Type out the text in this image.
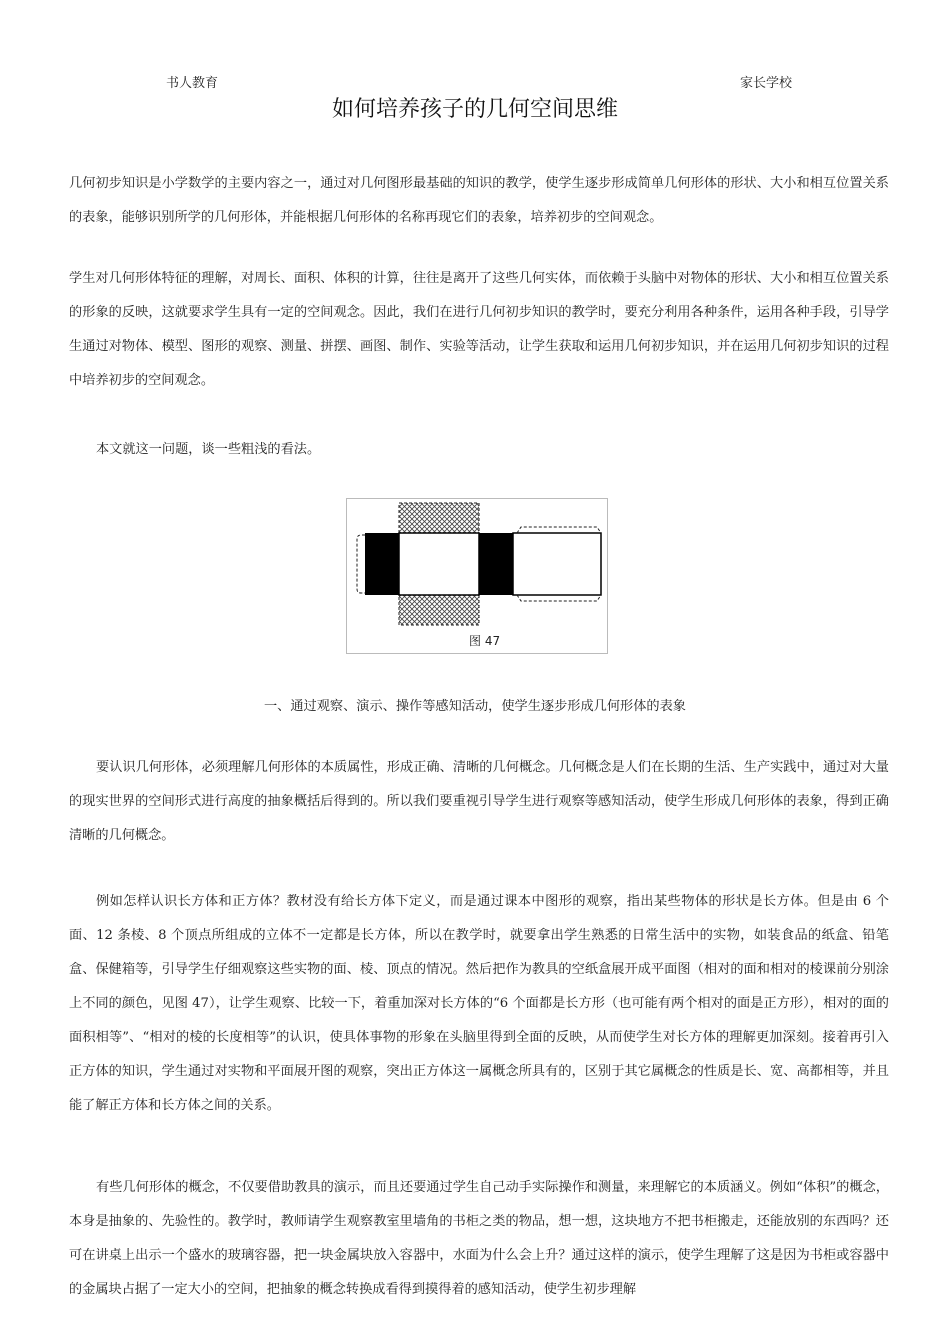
书人教育	家长学校
如何培养孩子的几何空间思维

几何初步知识是小学数学的主要内容之一，通过对几何图形最基础的知识的教学，使学生逐步形成简单几何形体的形状、大小和相互位置关系的表象，能够识别所学的几何形体，并能根据几何形体的名称再现它们的表象，培养初步的空间观念。

学生对几何形体特征的理解，对周长、面积、体积的计算，往往是离开了这些几何实体，而依赖于头脑中对物体的形状、大小和相互位置关系的形象的反映，这就要求学生具有一定的空间观念。因此，我们在进行几何初步知识的教学时，要充分利用各种条件，运用各种手段，引导学生通过对物体、模型、图形的观察、测量、拼摆、画图、制作、实验等活动，让学生获取和运用几何初步知识，并在运用几何初步知识的过程中培养初步的空间观念。

本文就这一问题，谈一些粗浅的看法。

图 47
一、通过观察、演示、操作等感知活动，使学生逐步形成几何形体的表象

要认识几何形体，必须理解几何形体的本质属性，形成正确、清晰的几何概念。几何概念是人们在长期的生活、生产实践中，通过对大量的现实世界的空间形式进行高度的抽象概括后得到的。所以我们要重视引导学生进行观察等感知活动，使学生形成几何形体的表象，得到正确清晰的几何概念。

例如怎样认识长方体和正方体？教材没有给长方体下定义，而是通过课本中图形的观察，指出某些物体的形状是长方体。但是由 6 个面、12 条棱、8 个顶点所组成的立体不一定都是长方体，所以在教学时，就要拿出学生熟悉的日常生活中的实物，如装食品的纸盒、铅笔盒、保健箱等，引导学生仔细观察这些实物的面、棱、顶点的情况。然后把作为教具的空纸盒展开成平面图（相对的面和相对的棱课前分别涂上不同的颜色，见图 47），让学生观察、比较一下，着重加深对长方体的“6 个面都是长方形（也可能有两个相对的面是正方形），相对的面的面积相等”、“相对的棱的长度相等”的认识，使具体事物的形象在头脑里得到全面的反映，从而使学生对长方体的理解更加深刻。接着再引入正方体的知识，学生通过对实物和平面展开图的观察，突出正方体这一属概念所具有的，区别于其它属概念的性质是长、宽、高都相等，并且能了解正方体和长方体之间的关系。

有些几何形体的概念，不仅要借助教具的演示，而且还要通过学生自己动手实际操作和测量，来理解它的本质涵义。例如“体积”的概念，本身是抽象的、先验性的。教学时，教师请学生观察教室里墙角的书柜之类的物品，想一想，这块地方不把书柜搬走，还能放别的东西吗？还可在讲桌上出示一个盛水的玻璃容器，把一块金属块放入容器中，水面为什么会上升？通过这样的演示，使学生理解了这是因为书柜或容器中的金属块占据了一定大小的空间，把抽象的概念转换成看得到摸得着的感知活动，使学生初步理解
